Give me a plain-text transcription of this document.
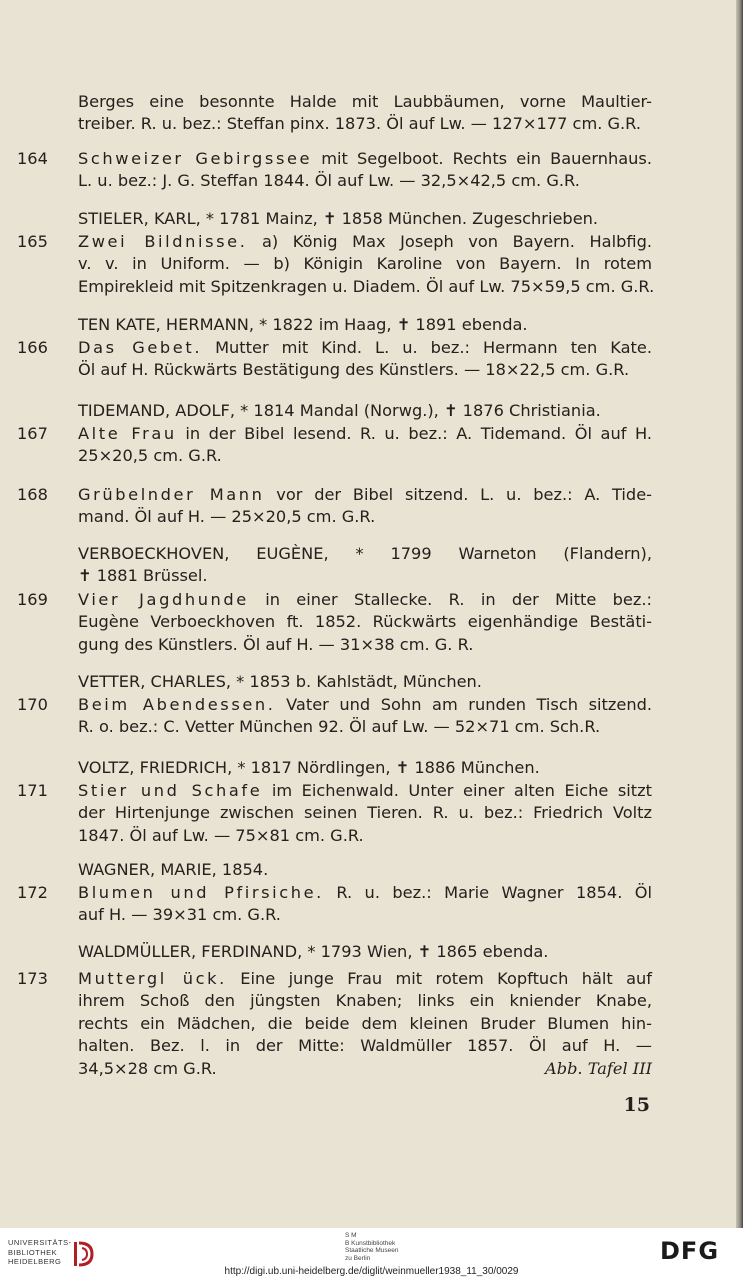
15
Berges eine besonnte Halde mit Laubbäumen, vorne Maultier-
treiber. R. u. bez.: Steffan pinx. 1873. Öl auf Lw. — 127×177 cm. G.R.
164	Schweizer Gebirgssee mit Segelboot. Rechts ein Bauernhaus.
L. u. bez.: J. G. Steffan 1844. Öl auf Lw. — 32,5×42,5 cm. G.R.
STIELER, KARL, * 1781 Mainz, ✝ 1858 München. Zugeschrieben.
165	Zwei Bildnisse. a) König Max Joseph von Bayern. Halbfig.
v. v. in Uniform. — b) Königin Karoline von Bayern. In rotem
Empirekleid mit Spitzenkragen u. Diadem. Öl auf Lw. 75×59,5 cm. G.R.
TEN KATE, HERMANN, * 1822 im Haag, ✝ 1891 ebenda.
166	Das Gebet. Mutter mit Kind. L. u. bez.: Hermann ten Kate.
Öl auf H. Rückwärts Bestätigung des Künstlers. — 18×22,5 cm. G.R.
TIDEMAND, ADOLF, * 1814 Mandal (Norwg.), ✝ 1876 Christiania.
167	Alte Frau in der Bibel lesend. R. u. bez.: A. Tidemand. Öl auf H.
25×20,5 cm. G.R.
168	Grübelnder Mann vor der Bibel sitzend. L. u. bez.: A. Tide-
mand. Öl auf H. — 25×20,5 cm. G.R.
VERBOECKHOVEN, EUGÈNE, * 1799 Warneton (Flandern),
✝ 1881 Brüssel.
169	Vier Jagdhunde in einer Stallecke. R. in der Mitte bez.:
Eugène Verboeckhoven ft. 1852. Rückwärts eigenhändige Bestäti-
gung des Künstlers. Öl auf H. — 31×38 cm. G. R.
VETTER, CHARLES, * 1853 b. Kahlstädt, München.
170	Beim Abendessen. Vater und Sohn am runden Tisch sitzend.
R. o. bez.: C. Vetter München 92. Öl auf Lw. — 52×71 cm. Sch.R.
VOLTZ, FRIEDRICH, * 1817 Nördlingen, ✝ 1886 München.
171	Stier und Schafe im Eichenwald. Unter einer alten Eiche sitzt
der Hirtenjunge zwischen seinen Tieren. R. u. bez.: Friedrich Voltz
1847. Öl auf Lw. — 75×81 cm. G.R.
WAGNER, MARIE, 1854.
172	Blumen und Pfirsiche. R. u. bez.: Marie Wagner 1854. Öl
auf H. — 39×31 cm. G.R.
WALDMÜLLER, FERDINAND, * 1793 Wien, ✝ 1865 ebenda.
173	Muttergl ück. Eine junge Frau mit rotem Kopftuch hält auf
ihrem Schoß den jüngsten Knaben; links ein kniender Knabe,
rechts ein Mädchen, die beide dem kleinen Bruder Blumen hin-
halten. Bez. l. in der Mitte: Waldmüller 1857. Öl auf H. —
34,5×28 cm G.R.	Abb. Tafel III
UNIVERSITÄTS-
BIBLIOTHEK
HEIDELBERG
S M
B Kunstbibliothek
Staatliche Museen
zu Berlin	DFG
http://digi.ub.uni-heidelberg.de/diglit/weinmueller1938_11_30/0029
